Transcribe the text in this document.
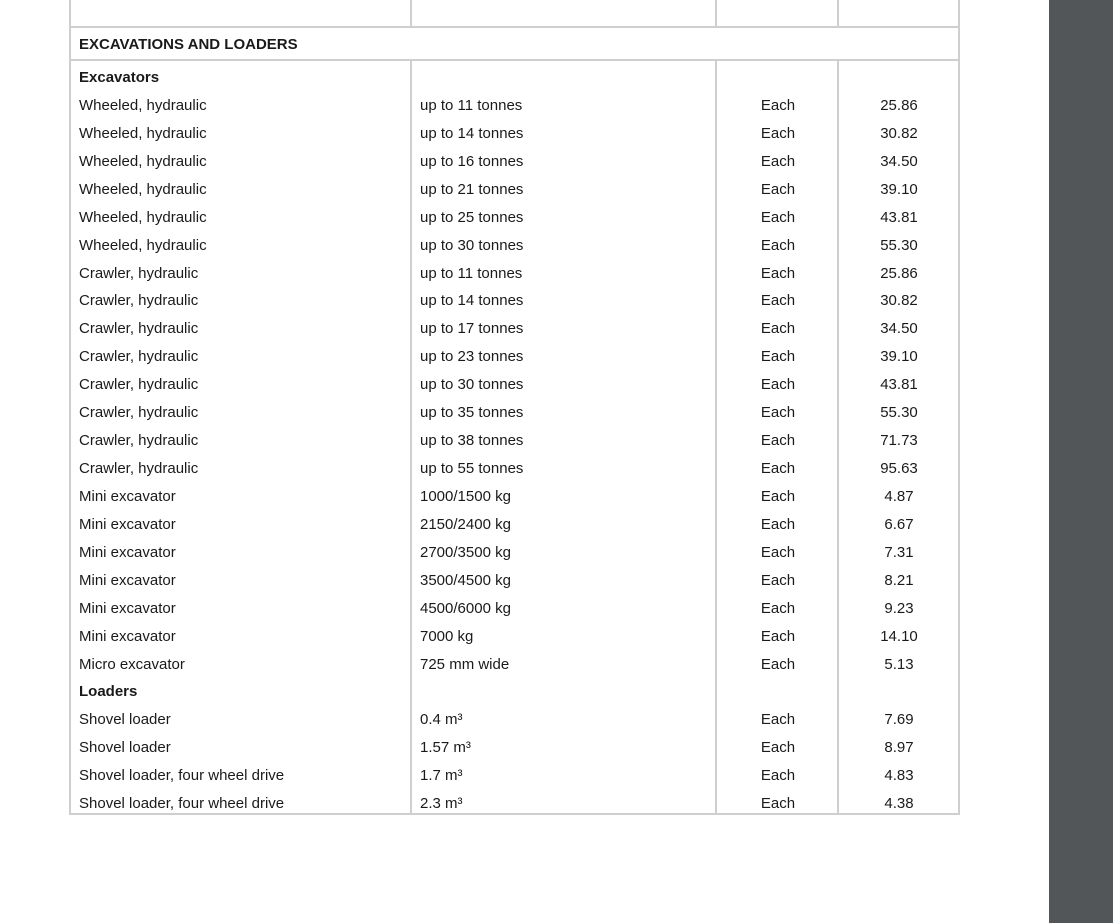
EXCAVATIONS AND LOADERS
Excavators
Wheeled, hydraulic	up to 11 tonnes	Each	25.86
Wheeled, hydraulic	up to 14 tonnes	Each	30.82
Wheeled, hydraulic	up to 16 tonnes	Each	34.50
Wheeled, hydraulic	up to 21 tonnes	Each	39.10
Wheeled, hydraulic	up to 25 tonnes	Each	43.81
Wheeled, hydraulic	up to 30 tonnes	Each	55.30
Crawler, hydraulic	up to 11 tonnes	Each	25.86
Crawler, hydraulic	up to 14 tonnes	Each	30.82
Crawler, hydraulic	up to 17 tonnes	Each	34.50
Crawler, hydraulic	up to 23 tonnes	Each	39.10
Crawler, hydraulic	up to 30 tonnes	Each	43.81
Crawler, hydraulic	up to 35 tonnes	Each	55.30
Crawler, hydraulic	up to 38 tonnes	Each	71.73
Crawler, hydraulic	up to 55 tonnes	Each	95.63
Mini excavator	1000/1500 kg	Each	4.87
Mini excavator	2150/2400 kg	Each	6.67
Mini excavator	2700/3500 kg	Each	7.31
Mini excavator	3500/4500 kg	Each	8.21
Mini excavator	4500/6000 kg	Each	9.23
Mini excavator	7000 kg	Each	14.10
Micro excavator	725 mm wide	Each	5.13
Loaders
Shovel loader	0.4 m³	Each	7.69
Shovel loader	1.57 m³	Each	8.97
Shovel loader, four wheel drive	1.7 m³	Each	4.83
Shovel loader, four wheel drive	2.3 m³	Each	4.38
